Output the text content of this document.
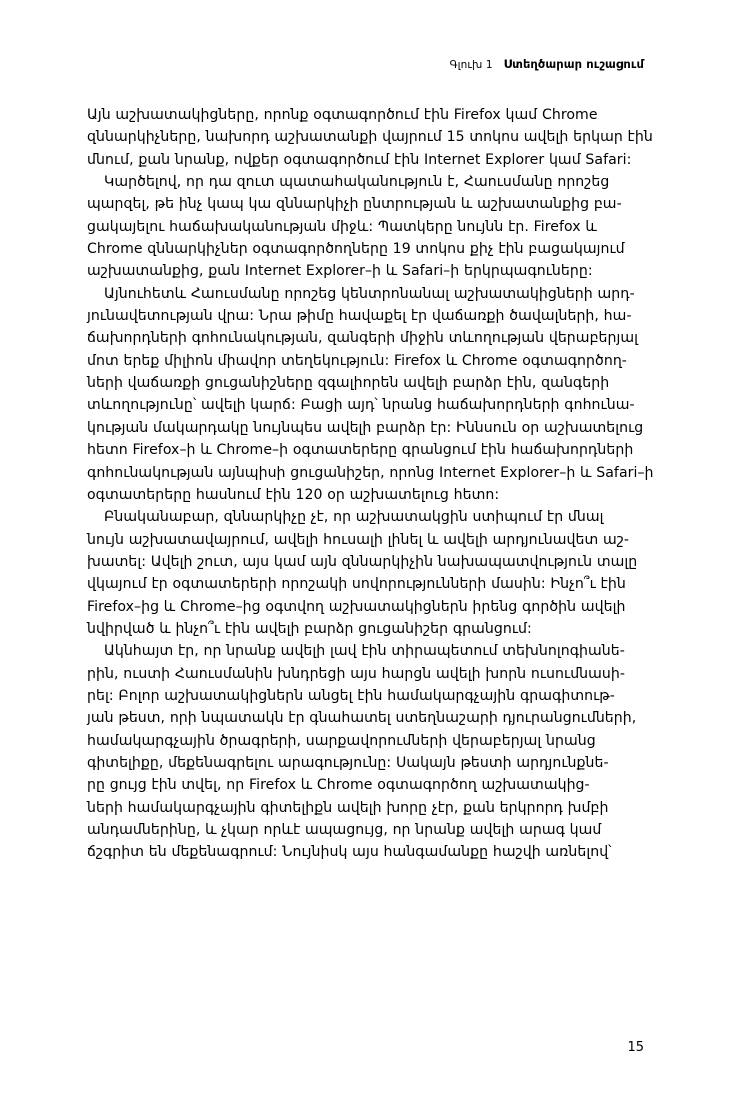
Գլուխ 1 Ստեղծարար ուշացում

Այն աշխատակիցները, որոնք օգտագործում էին Firefox կամ Chrome
զննարկիչները, նախորդ աշխատանքի վայրում 15 տոկոս ավելի երկար էին
մնում, քան նրանք, ովքեր օգտագործում էին Internet Explorer կամ Safari:

Կարծելով, որ դա զուտ պատահականություն է, Հաուսմանը որոշեց
պարզել, թե ինչ կապ կա զննարկիչի ընտրության և աշխատանքից բա-
ցակայելու հաճախականության միջև: Պատկերը նույնն էր. Firefox և
Chrome զննարկիչներ օգտագործողները 19 տոկոս քիչ էին բացակայում
աշխատանքից, քան Internet Explorer–ի և Safari–ի երկրպագուները:

Այնուհետև Հաուսմանը որոշեց կենտրոնանալ աշխատակիցների արդ-
յունավետության վրա: Նրա թիմը հավաքել էր վաճառքի ծավալների, հա-
ճախորդների գոհունակության, զանգերի միջին տևողության վերաբերյալ
մոտ երեք միլիոն միավոր տեղեկություն: Firefox և Chrome օգտագործող-
ների վաճառքի ցուցանիշները զգալիորեն ավելի բարձր էին, զանգերի
տևողությունը՝ ավելի կարճ: Բացի այդ՝ նրանց հաճախորդների գոհունա-
կության մակարդակը նույնպես ավելի բարձր էր: Իննսուն օր աշխատելուց
հետո Firefox–ի և Chrome–ի օգտատերերը գրանցում էին հաճախորդների
գոհունակության այնպիսի ցուցանիշեր, որոնց Internet Explorer–ի և Safari–ի
օգտատերերը հասնում էին 120 օր աշխատելուց հետո:

Բնականաբար, զննարկիչը չէ, որ աշխատակցին ստիպում էր մնալ
նույն աշխատավայրում, ավելի հուսալի լինել և ավելի արդյունավետ աշ-
խատել: Ավելի շուտ, այս կամ այն զննարկիչին նախապատվություն տալը
վկայում էր օգտատերերի որոշակի սովորությունների մասին: Ինչո՞ւ էին
Firefox–ից և Chrome–ից օգտվող աշխատակիցներն իրենց գործին ավելի
նվիրված և ինչո՞ւ էին ավելի բարձր ցուցանիշեր գրանցում:

Ակնհայտ էր, որ նրանք ավելի լավ էին տիրապետում տեխնոլոգիանե-
րին, ուստի Հաուսմանին խնդրեցի այս հարցն ավելի խորն ուսումնասի-
րել: Բոլոր աշխատակիցներն անցել էին համակարգչային գրագիտութ-
յան թեստ, որի նպատակն էր գնահատել ստեղնաշարի դյուրանցումների,
համակարգչային ծրագրերի, սարքավորումների վերաբերյալ նրանց
գիտելիքը, մեքենագրելու արագությունը: Սակայն թեստի արդյունքնե-
րը ցույց էին տվել, որ Firefox և Chrome օգտագործող աշխատակից-
ների համակարգչային գիտելիքն ավելի խորը չէր, քան երկրորդ խմբի
անդամներինը, և չկար որևէ ապացույց, որ նրանք ավելի արագ կամ
ճշգրիտ են մեքենագրում: Նույնիսկ այս հանգամանքը հաշվի առնելով՝

15
